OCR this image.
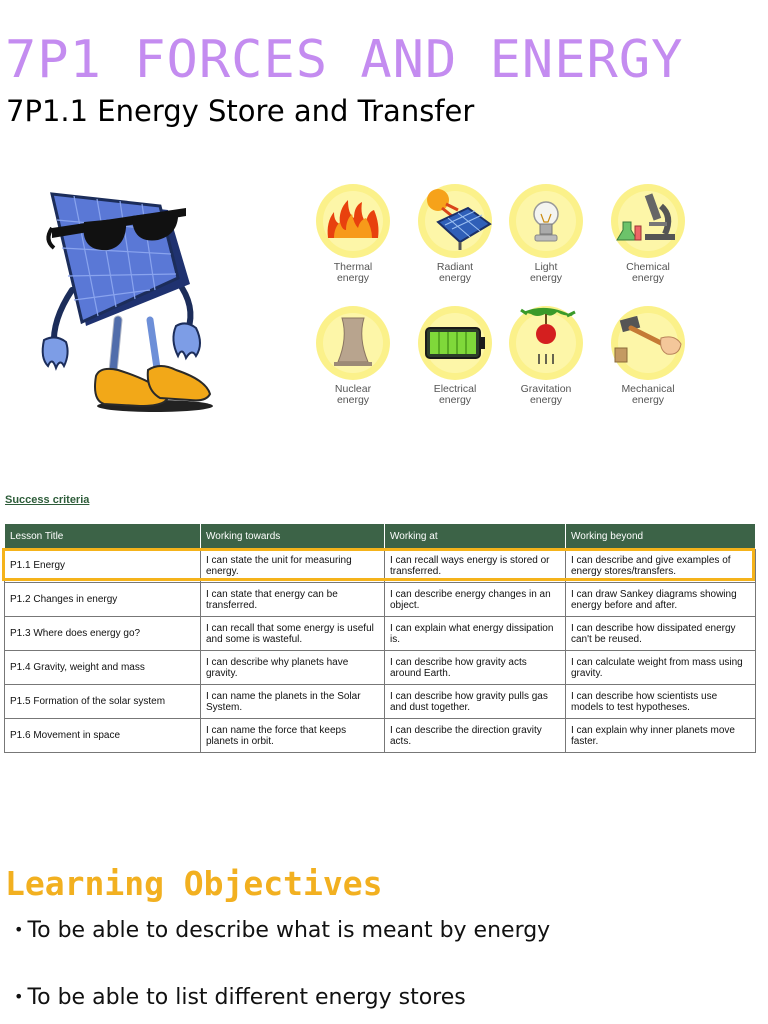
7P1 FORCES AND ENERGY
7P1.1 Energy Store and Transfer
Thermal
energy
Radiant
energy
Light
energy
Chemical
energy
Nuclear
energy
Electrical
energy
Gravitation
energy
Mechanical
energy
Success criteria
Lesson Title	Working towards	Working at	Working beyond
P1.1 Energy	I can state the unit for measuring energy.	I can recall ways energy is stored or transferred.	I can describe and give examples of energy stores/transfers.
P1.2 Changes in energy	I can state that energy can be transferred.	I can describe energy changes in an object.	I can draw Sankey diagrams showing energy before and after.
P1.3 Where does energy go?	I can recall that some energy is useful and some is wasteful.	I can explain what energy dissipation is.	I can describe how dissipated energy can't be reused.
P1.4 Gravity, weight and mass	I can describe why planets have gravity.	I can describe how gravity acts around Earth.	I can calculate weight from mass using gravity.
P1.5 Formation of the solar system	I can name the planets in the Solar System.	I can describe how gravity pulls gas and dust together.	I can describe how scientists use models to test hypotheses.
P1.6 Movement in space	I can name the force that keeps planets in orbit.	I can describe the direction gravity acts.	I can explain why inner planets move faster.
Learning Objectives
• To be able to describe what is meant by energy
• To be able to list different energy stores
